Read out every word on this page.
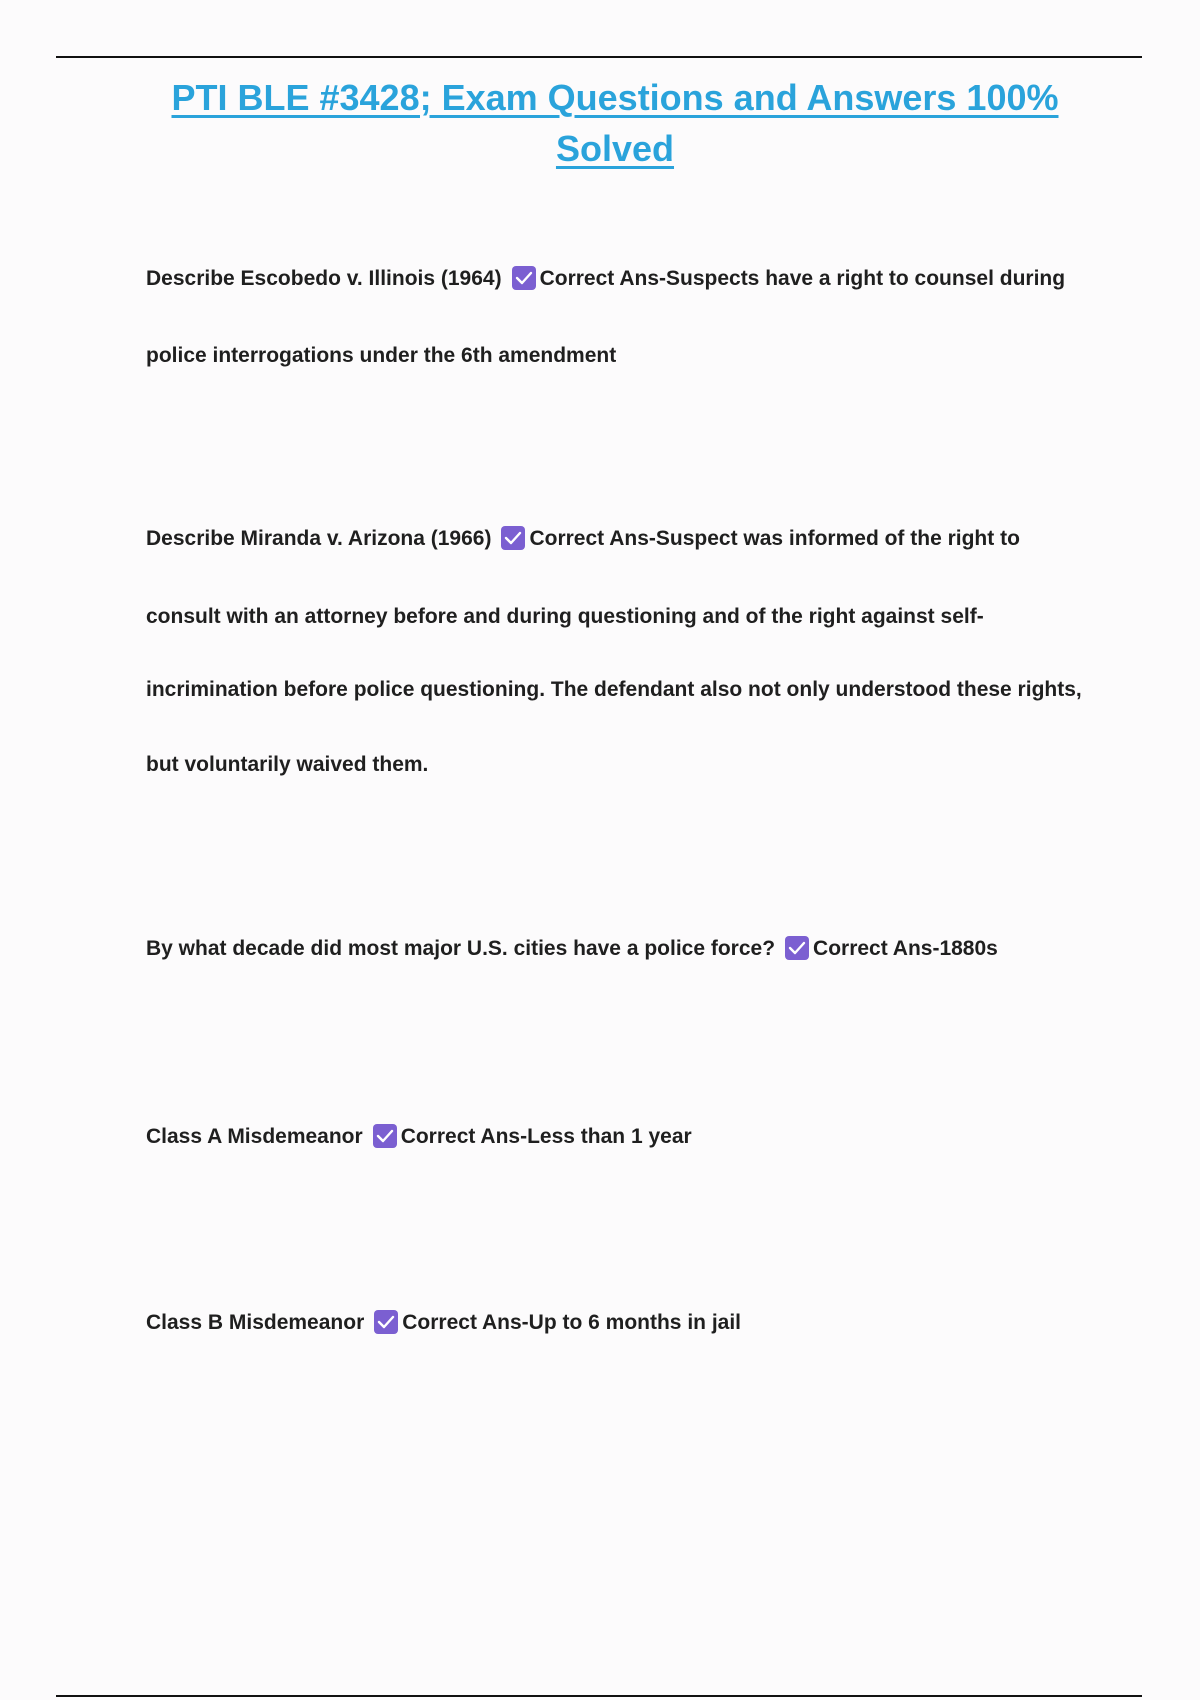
PTI BLE #3428; Exam Questions and Answers 100%
Solved
Describe Escobedo v. Illinois (1964) Correct Ans-Suspects have a right to counsel during
police interrogations under the 6th amendment
Describe Miranda v. Arizona (1966) Correct Ans-Suspect was informed of the right to
consult with an attorney before and during questioning and of the right against self-
incrimination before police questioning. The defendant also not only understood these rights,
but voluntarily waived them.
By what decade did most major U.S. cities have a police force? Correct Ans-1880s
Class A Misdemeanor Correct Ans-Less than 1 year
Class B Misdemeanor Correct Ans-Up to 6 months in jail
